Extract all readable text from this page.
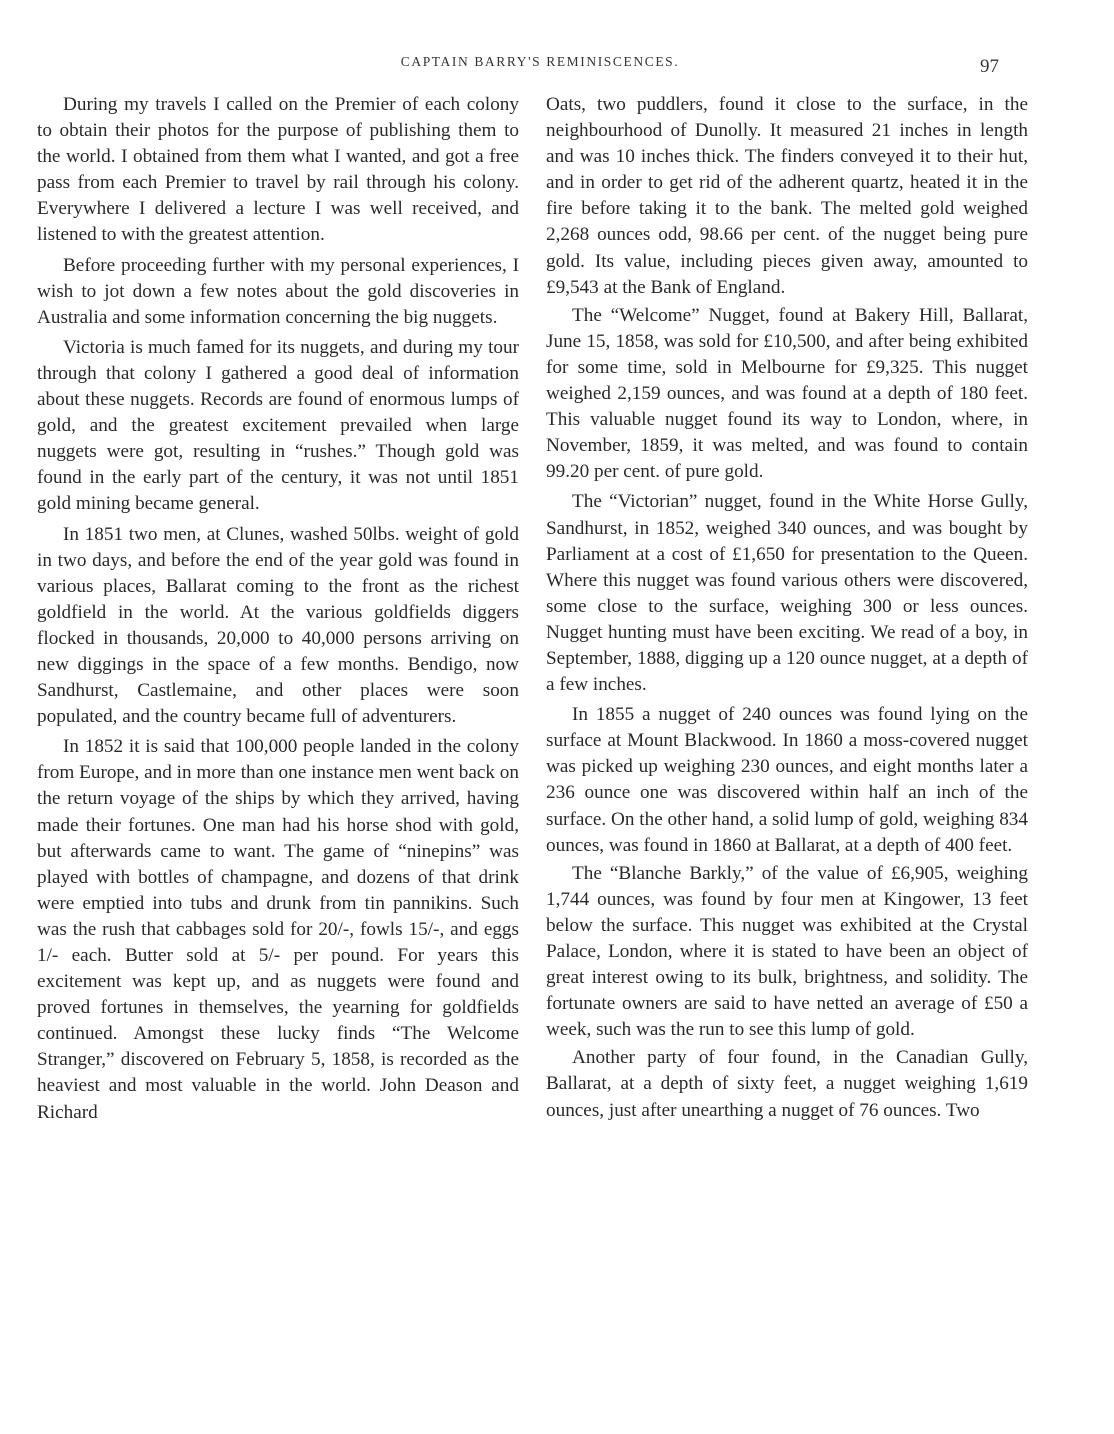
CAPTAIN BARRY'S REMINISCENCES.	97

During my travels I called on the Premier of each colony to obtain their photos for the purpose of publishing them to the world. I obtained from them what I wanted, and got a free pass from each Premier to travel by rail through his colony. Everywhere I delivered a lecture I was well received, and listened to with the greatest attention.

Before proceeding further with my personal experiences, I wish to jot down a few notes about the gold discoveries in Australia and some information concerning the big nuggets.

Victoria is much famed for its nuggets, and during my tour through that colony I gathered a good deal of information about these nuggets. Records are found of enormous lumps of gold, and the greatest excitement prevailed when large nuggets were got, resulting in “rushes.” Though gold was found in the early part of the century, it was not until 1851 gold mining became general.

In 1851 two men, at Clunes, washed 50lbs. weight of gold in two days, and before the end of the year gold was found in various places, Ballarat coming to the front as the richest goldfield in the world. At the various goldfields diggers flocked in thousands, 20,000 to 40,000 persons arriving on new diggings in the space of a few months. Bendigo, now Sandhurst, Castlemaine, and other places were soon populated, and the country became full of adventurers.

In 1852 it is said that 100,000 people landed in the colony from Europe, and in more than one instance men went back on the return voyage of the ships by which they arrived, having made their fortunes. One man had his horse shod with gold, but afterwards came to want. The game of “ninepins” was played with bottles of champagne, and dozens of that drink were emptied into tubs and drunk from tin pannikins. Such was the rush that cabbages sold for 20/-, fowls 15/-, and eggs 1/- each. Butter sold at 5/- per pound. For years this excitement was kept up, and as nuggets were found and proved fortunes in themselves, the yearning for goldfields continued. Amongst these lucky finds “The Welcome Stranger,” discovered on February 5, 1858, is recorded as the heaviest and most valuable in the world. John Deason and Richard

Oats, two puddlers, found it close to the surface, in the neighbourhood of Dunolly. It measured 21 inches in length and was 10 inches thick. The finders conveyed it to their hut, and in order to get rid of the adherent quartz, heated it in the fire before taking it to the bank. The melted gold weighed 2,268 ounces odd, 98.66 per cent. of the nugget being pure gold. Its value, including pieces given away, amounted to £9,543 at the Bank of England.

The “Welcome” Nugget, found at Bakery Hill, Ballarat, June 15, 1858, was sold for £10,500, and after being exhibited for some time, sold in Melbourne for £9,325. This nugget weighed 2,159 ounces, and was found at a depth of 180 feet. This valuable nugget found its way to London, where, in November, 1859, it was melted, and was found to contain 99.20 per cent. of pure gold.

The “Victorian” nugget, found in the White Horse Gully, Sandhurst, in 1852, weighed 340 ounces, and was bought by Parliament at a cost of £1,650 for presentation to the Queen. Where this nugget was found various others were discovered, some close to the surface, weighing 300 or less ounces. Nugget hunting must have been exciting. We read of a boy, in September, 1888, digging up a 120 ounce nugget, at a depth of a few inches.

In 1855 a nugget of 240 ounces was found lying on the surface at Mount Blackwood. In 1860 a moss-covered nugget was picked up weighing 230 ounces, and eight months later a 236 ounce one was discovered within half an inch of the surface. On the other hand, a solid lump of gold, weighing 834 ounces, was found in 1860 at Ballarat, at a depth of 400 feet.

The “Blanche Barkly,” of the value of £6,905, weighing 1,744 ounces, was found by four men at Kingower, 13 feet below the surface. This nugget was exhibited at the Crystal Palace, London, where it is stated to have been an object of great interest owing to its bulk, brightness, and solidity. The fortunate owners are said to have netted an average of £50 a week, such was the run to see this lump of gold.

Another party of four found, in the Canadian Gully, Ballarat, at a depth of sixty feet, a nugget weighing 1,619 ounces, just after unearthing a nugget of 76 ounces. Two
